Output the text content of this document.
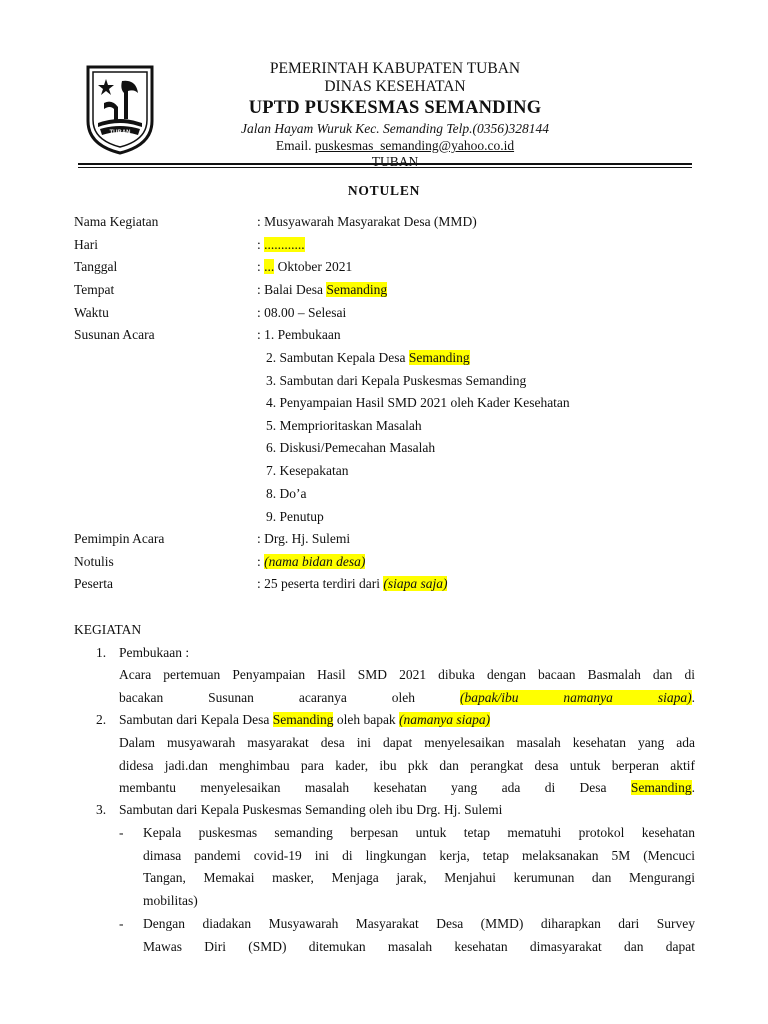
TUBAN
PEMERINTAH KABUPATEN TUBAN
DINAS KESEHATAN
UPTD PUSKESMAS SEMANDING
Jalan Hayam Wuruk Kec. Semanding Telp.(0356)328144
Email. puskesmas_semanding@yahoo.co.id
TUBAN
NOTULEN
Nama Kegiatan	: Musyawarah Masyarakat Desa (MMD)
Hari	: ............
Tanggal	: ... Oktober 2021
Tempat	: Balai Desa Semanding
Waktu	: 08.00 – Selesai
Susunan Acara	: 1. Pembukaan
2. Sambutan Kepala Desa Semanding
3. Sambutan dari Kepala Puskesmas Semanding
4. Penyampaian Hasil SMD 2021 oleh Kader Kesehatan
5. Memprioritaskan Masalah
6. Diskusi/Pemecahan Masalah
7. Kesepakatan
8. Do’a
9. Penutup
Pemimpin Acara	: Drg. Hj. Sulemi
Notulis	: (nama bidan desa)
Peserta	: 25 peserta terdiri dari (siapa saja)
KEGIATAN
1. Pembukaan :
Acara pertemuan Penyampaian Hasil SMD 2021 dibuka dengan bacaan Basmalah dan di
bacakan Susunan acaranya oleh (bapak/ibu namanya siapa).
2. Sambutan dari Kepala Desa Semanding oleh bapak (namanya siapa)
Dalam musyawarah masyarakat desa ini dapat menyelesaikan masalah kesehatan yang ada
didesa jadi.dan menghimbau para kader, ibu pkk dan perangkat desa untuk berperan aktif
membantu menyelesaikan masalah kesehatan yang ada di Desa Semanding.
3. Sambutan dari Kepala Puskesmas Semanding oleh ibu Drg. Hj. Sulemi
- Kepala puskesmas semanding berpesan untuk tetap mematuhi protokol kesehatan
dimasa pandemi covid-19 ini di lingkungan kerja, tetap melaksanakan 5M (Mencuci
Tangan, Memakai masker, Menjaga jarak, Menjahui kerumunan dan Mengurangi
mobilitas)
- Dengan diadakan Musyawarah Masyarakat Desa (MMD) diharapkan dari Survey
Mawas Diri (SMD) ditemukan masalah kesehatan dimasyarakat dan dapat
